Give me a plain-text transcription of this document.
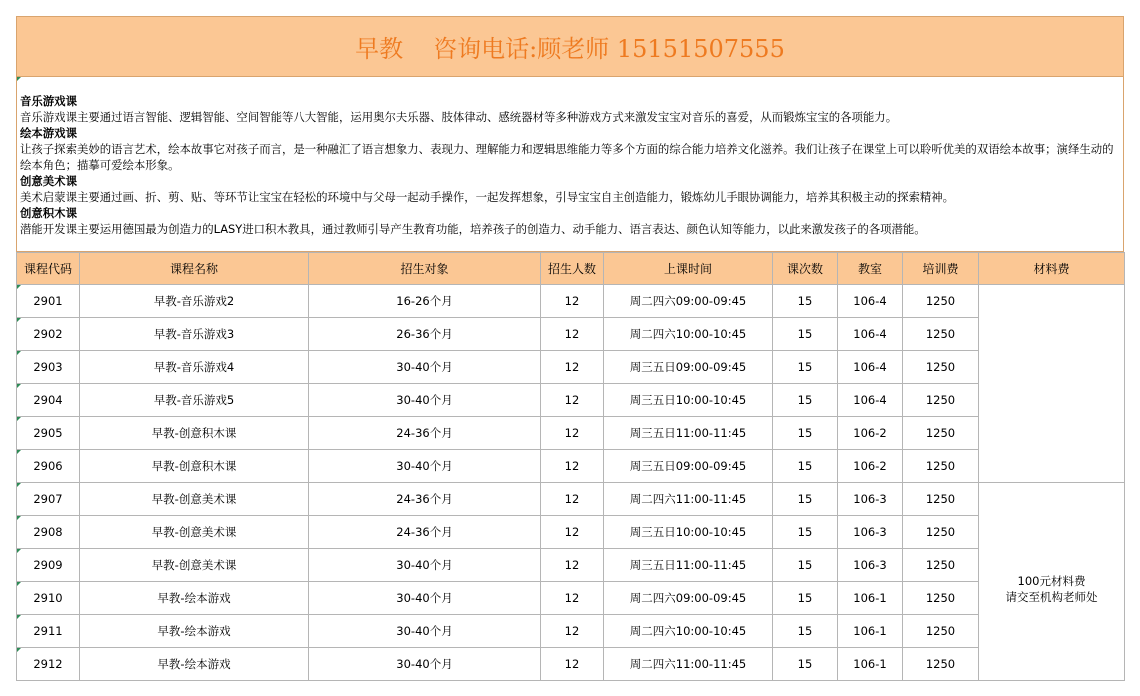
早教 咨询电话:顾老师 15151507555
音乐游戏课
音乐游戏课主要通过语言智能、逻辑智能、空间智能等八大智能，运用奥尔夫乐器、肢体律动、感统器材等多种游戏方式来激发宝宝对音乐的喜爱，从而锻炼宝宝的各项能力。
绘本游戏课
让孩子探索美妙的语言艺术，绘本故事它对孩子而言，是一种融汇了语言想象力、表现力、理解能力和逻辑思维能力等多个方面的综合能力培养文化滋养。我们让孩子在课堂上可以聆听优美的双语绘本故事；演绎生动的绘本角色；描摹可爱绘本形象。
创意美术课
美术启蒙课主要通过画、折、剪、贴、等环节让宝宝在轻松的环境中与父母一起动手操作，一起发挥想象，引导宝宝自主创造能力，锻炼幼儿手眼协调能力，培养其积极主动的探索精神。
创意积木课
潜能开发课主要运用德国最为创造力的LASY进口积木教具，通过教师引导产生教育功能，培养孩子的创造力、动手能力、语言表达、颜色认知等能力，以此来激发孩子的各项潜能。
课程代码	课程名称	招生对象	招生人数	上课时间	课次数	教室	培训费	材料费
2901	早教-音乐游戏2	16-26个月	12	周二四六09:00-09:45	15	106-4	1250	
2902	早教-音乐游戏3	26-36个月	12	周二四六10:00-10:45	15	106-4	1250	
2903	早教-音乐游戏4	30-40个月	12	周三五日09:00-09:45	15	106-4	1250	
2904	早教-音乐游戏5	30-40个月	12	周三五日10:00-10:45	15	106-4	1250	
2905	早教-创意积木课	24-36个月	12	周三五日11:00-11:45	15	106-2	1250	
2906	早教-创意积木课	30-40个月	12	周三五日09:00-09:45	15	106-2	1250	
2907	早教-创意美术课	24-36个月	12	周二四六11:00-11:45	15	106-3	1250	100元材料费
请交至机构老师处

2908	早教-创意美术课	24-36个月	12	周三五日10:00-10:45	15	106-3	1250	
2909	早教-创意美术课	30-40个月	12	周三五日11:00-11:45	15	106-3	1250	
2910	早教-绘本游戏	30-40个月	12	周二四六09:00-09:45	15	106-1	1250	
2911	早教-绘本游戏	30-40个月	12	周二四六10:00-10:45	15	106-1	1250	
2912	早教-绘本游戏	30-40个月	12	周二四六11:00-11:45	15	106-1	1250	
